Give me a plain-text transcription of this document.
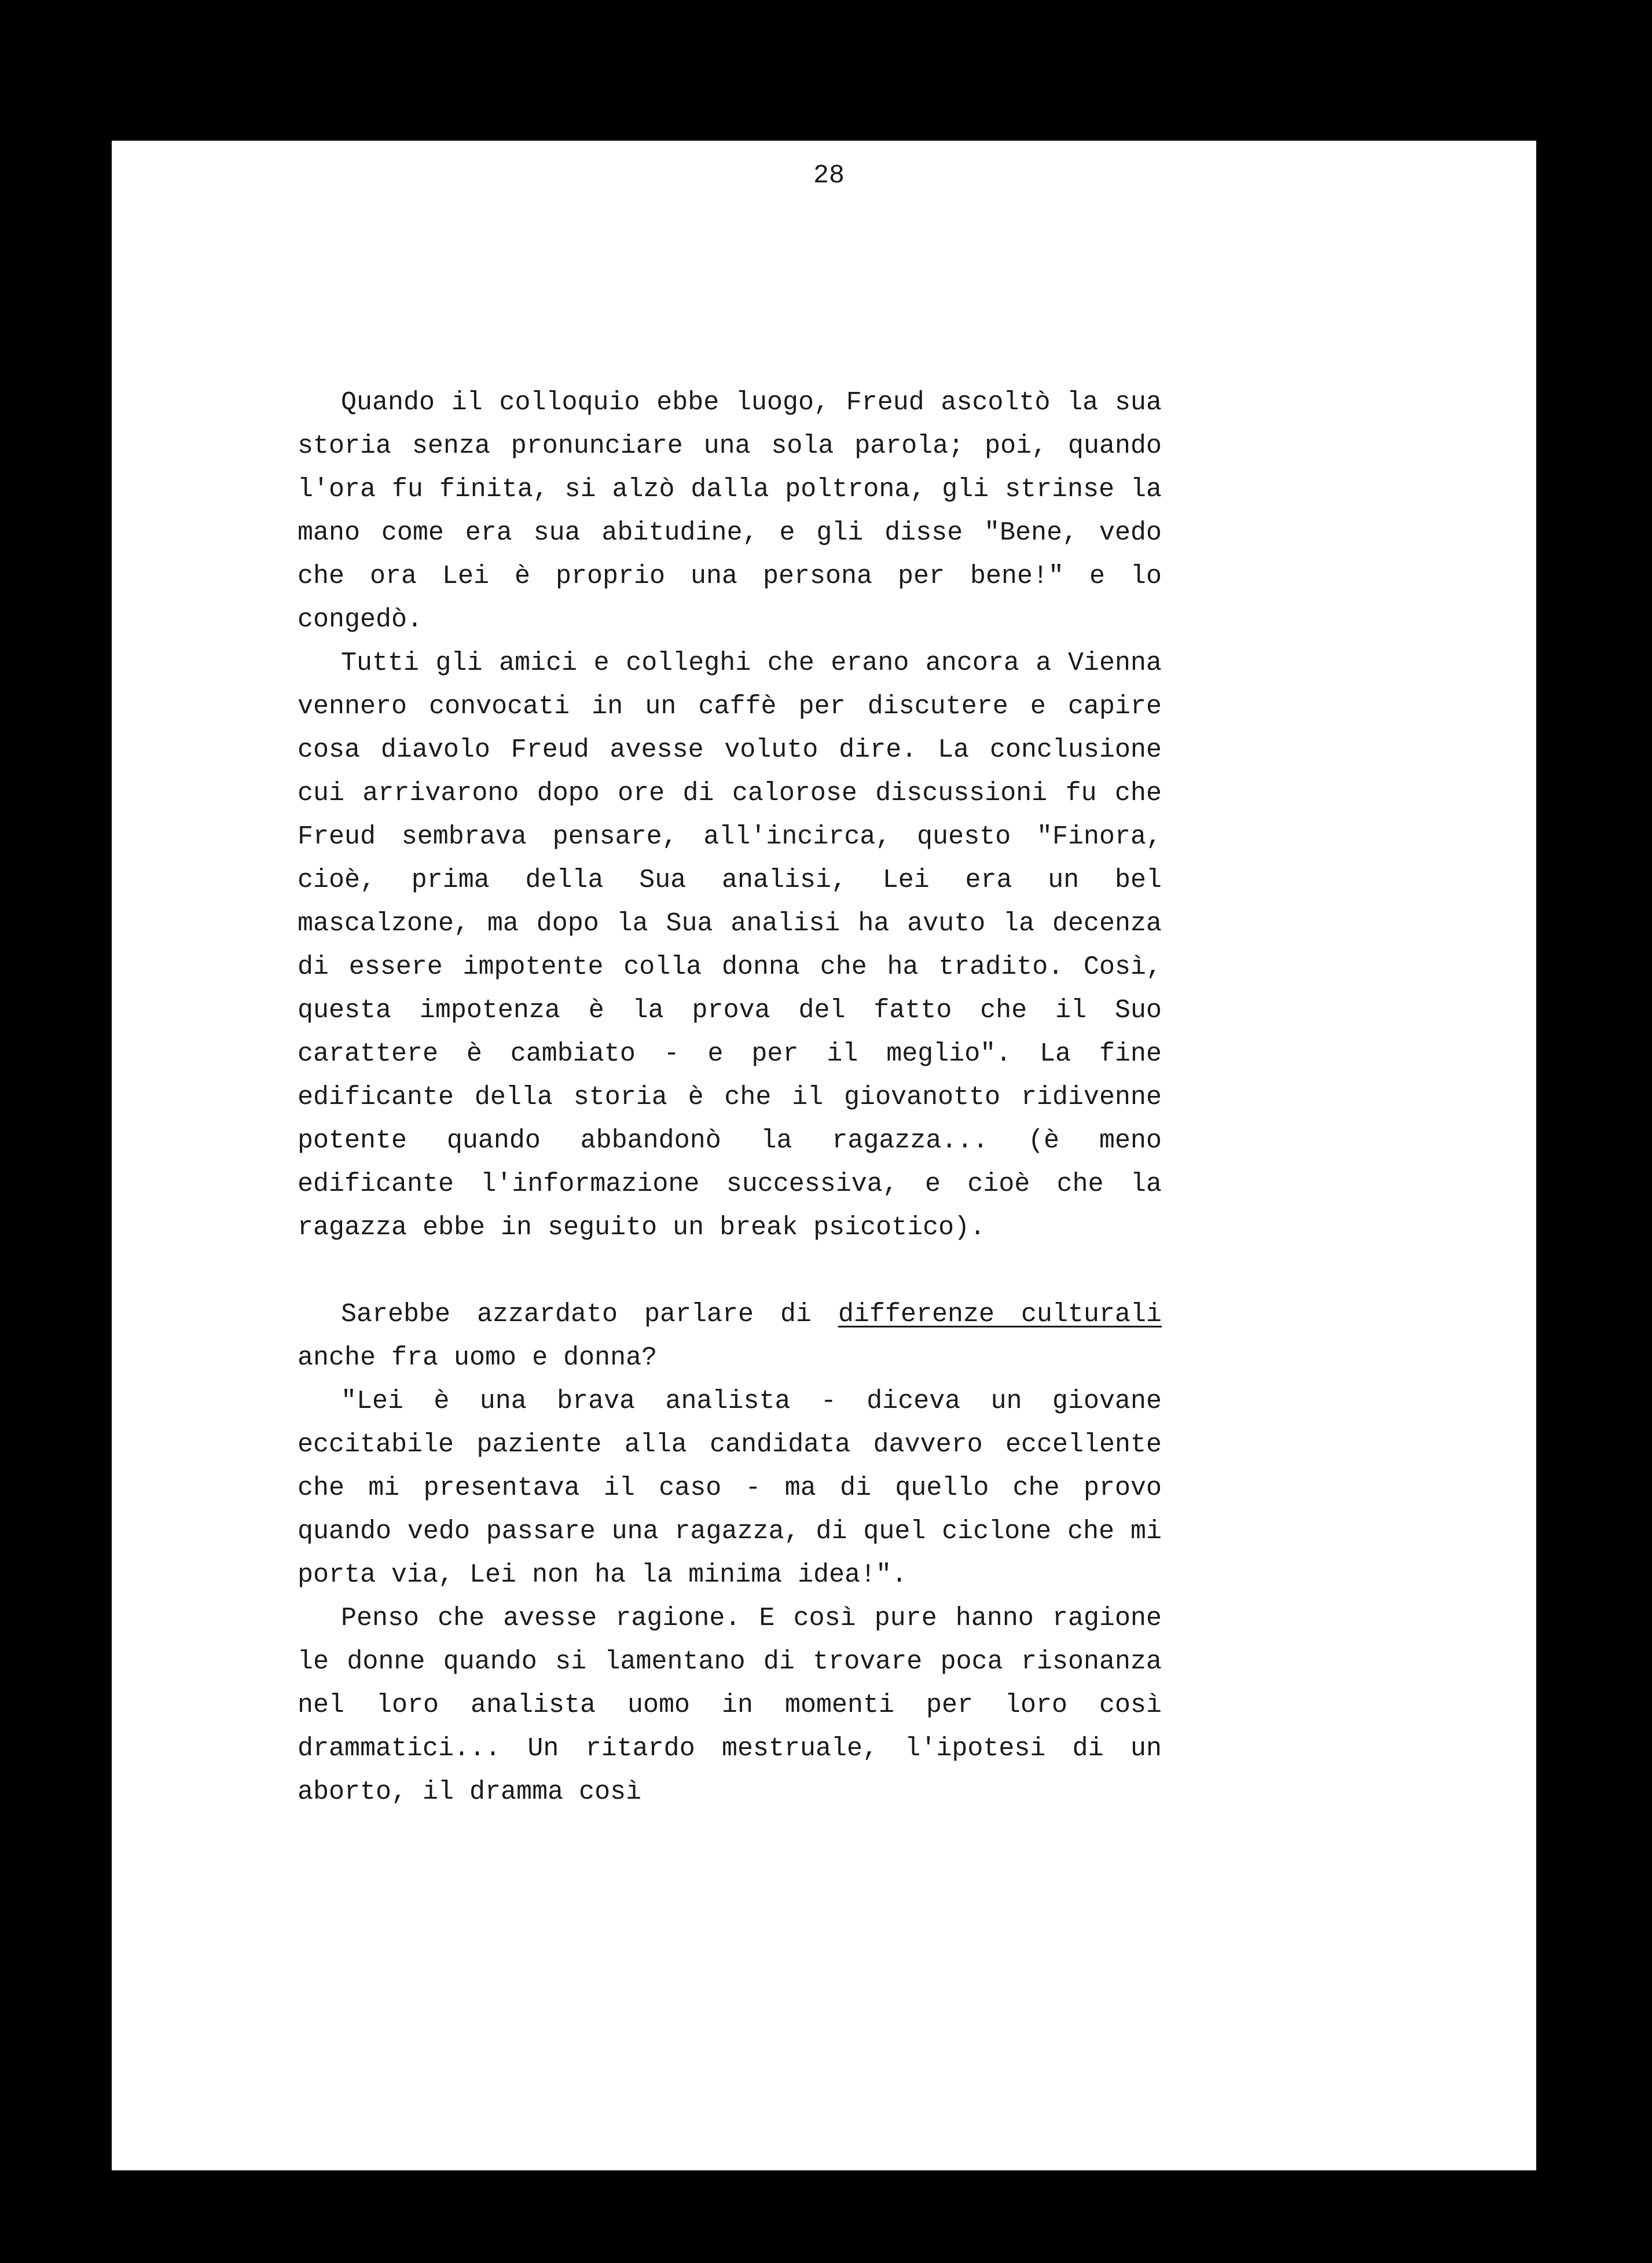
28

Quando il colloquio ebbe luogo, Freud ascoltò la sua storia senza pronunciare una sola parola; poi, quando l'ora fu finita, si alzò dalla poltrona, gli strinse la mano come era sua abitudine, e gli disse "Bene, vedo che ora Lei è proprio una persona per bene!" e lo congedò.

Tutti gli amici e colleghi che erano ancora a Vienna vennero convocati in un caffè per discutere e capire cosa diavolo Freud avesse voluto dire. La conclusione cui arrivarono dopo ore di calorose discussioni fu che Freud sembrava pensare, all'incirca, questo "Finora, cioè, prima della Sua analisi, Lei era un bel mascalzone, ma dopo la Sua analisi ha avuto la decenza di essere impotente colla donna che ha tradito. Così, questa impotenza è la prova del fatto che il Suo carattere è cambiato - e per il meglio". La fine edificante della storia è che il giovanotto ridivenne potente quando abbandonò la ragazza... (è meno edificante l'informazione successiva, e cioè che la ragazza ebbe in seguito un break psicotico).

Sarebbe azzardato parlare di differenze culturali anche fra uomo e donna?

"Lei è una brava analista - diceva un giovane eccitabile paziente alla candidata davvero eccellente che mi presentava il caso - ma di quello che provo quando vedo passare una ragazza, di quel ciclone che mi porta via, Lei non ha la minima idea!".

Penso che avesse ragione. E così pure hanno ragione le donne quando si lamentano di trovare poca risonanza nel loro analista uomo in momenti per loro così drammatici... Un ritardo mestruale, l'ipotesi di un aborto, il dramma così
